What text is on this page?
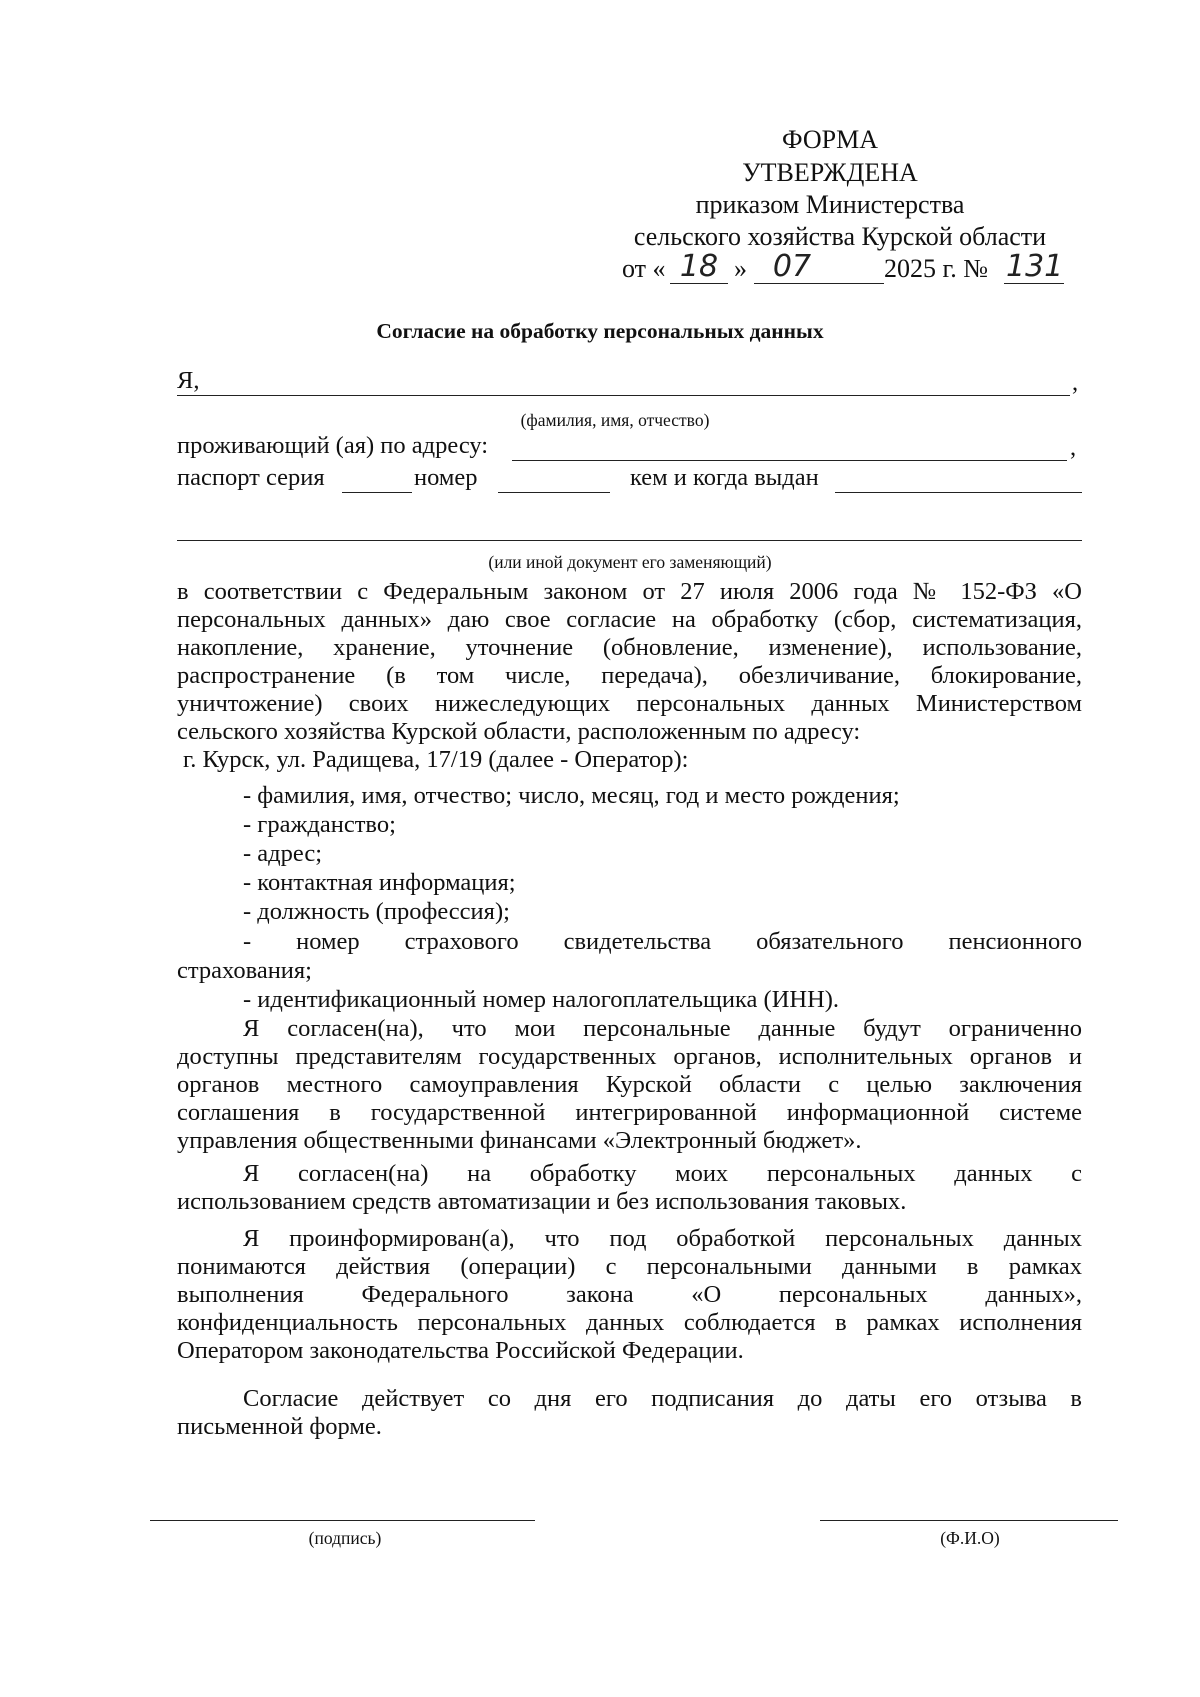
ФОРМА
УТВЕРЖДЕНА
приказом Министерства
сельского хозяйства Курской области
от « 18 » 07	2025 г. № 131
Согласие на обработку персональных данных
Я,	,
(фамилия, имя, отчество)
проживающий (ая) по адресу:	,
паспорт серия	номер	кем и когда выдан
(или иной документ его заменяющий)
в соответствии с Федеральным законом от 27 июля 2006 года № 152-ФЗ «О
персональных данных» даю свое согласие на обработку (сбор, систематизация,
накопление, хранение, уточнение (обновление, изменение), использование,
распространение (в том числе, передача), обезличивание, блокирование,
уничтожение) своих нижеследующих персональных данных Министерством
сельского хозяйства Курской области, расположенным по адресу:
г. Курск, ул. Радищева, 17/19 (далее - Оператор):
- фамилия, имя, отчество; число, месяц, год и место рождения;
- гражданство;
- адрес;
- контактная информация;
- должность (профессия);
- номер страхового свидетельства обязательного пенсионного
страхования;
- идентификационный номер налогоплательщика (ИНН).
Я согласен(на), что мои персональные данные будут ограниченно
доступны представителям государственных органов, исполнительных органов и
органов местного самоуправления Курской области с целью заключения
соглашения в государственной интегрированной информационной системе
управления общественными финансами «Электронный бюджет».
Я согласен(на) на обработку моих персональных данных с
использованием средств автоматизации и без использования таковых.
Я проинформирован(а), что под обработкой персональных данных
понимаются действия (операции) с персональными данными в рамках
выполнения Федерального закона «О персональных данных»,
конфиденциальность персональных данных соблюдается в рамках исполнения
Оператором законодательства Российской Федерации.
Согласие действует со дня его подписания до даты его отзыва в
письменной форме.
(подпись)	(Ф.И.О)
